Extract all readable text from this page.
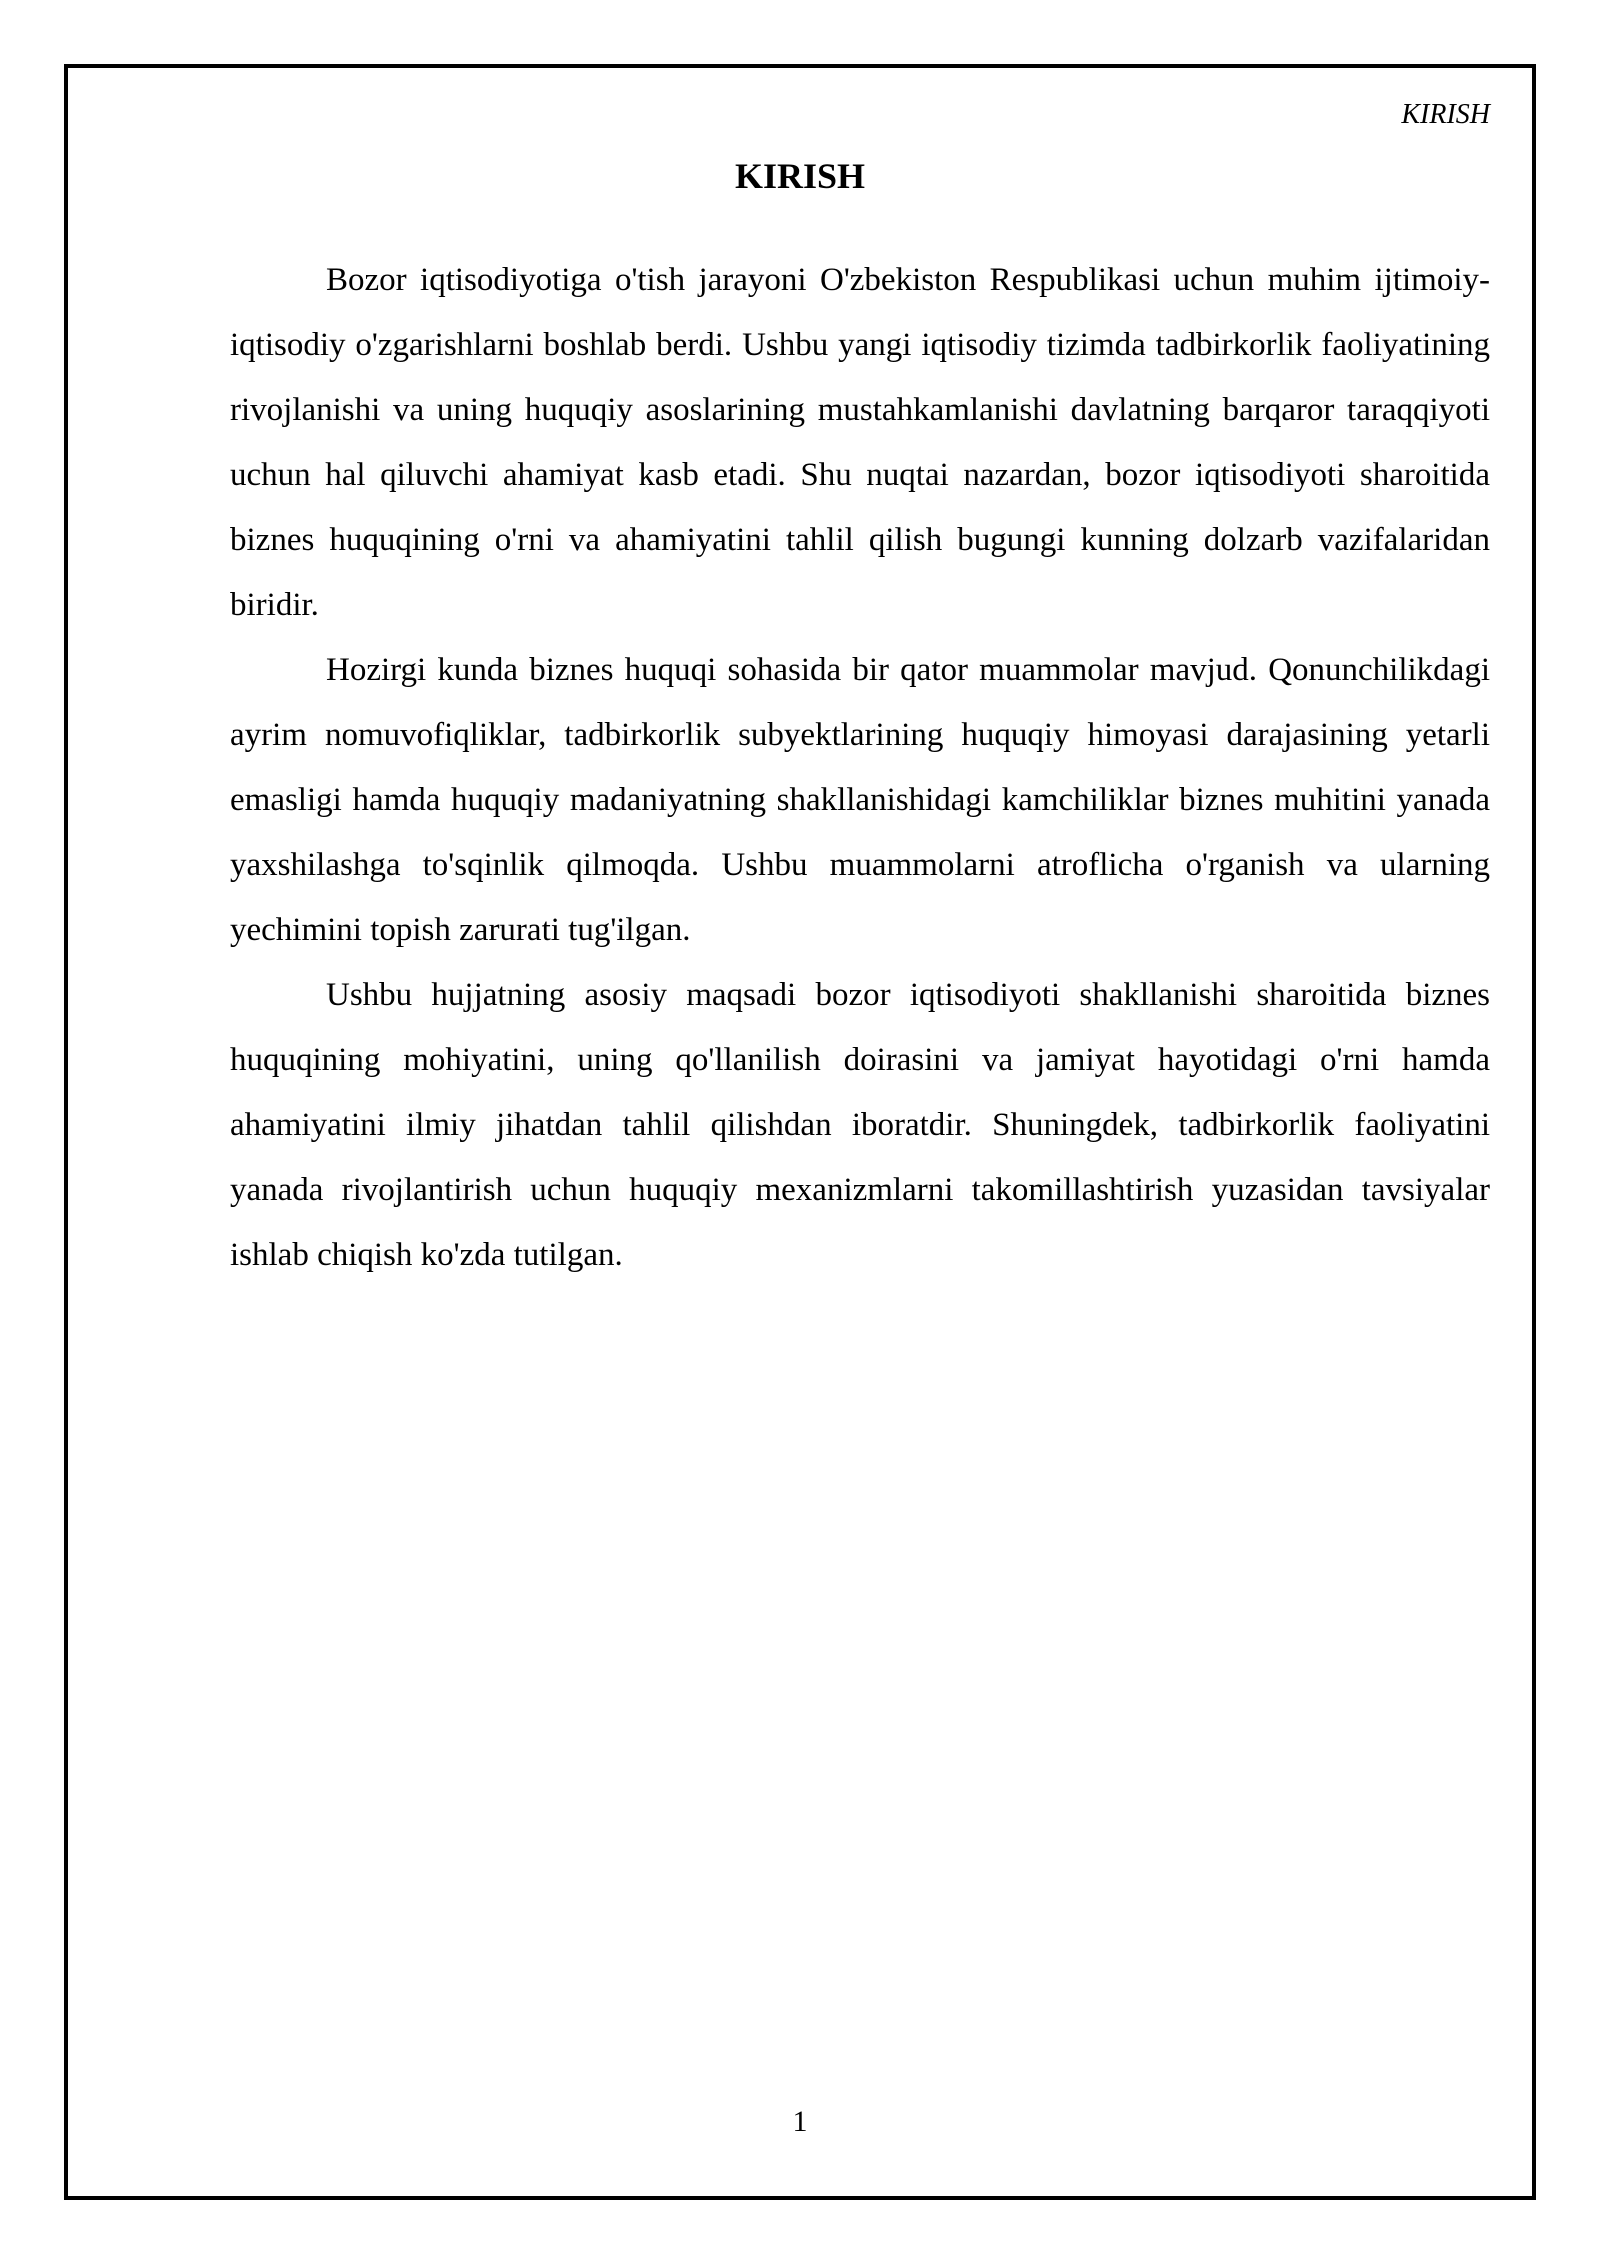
KIRISH

KIRISH

Bozor iqtisodiyotiga o'tish jarayoni O'zbekiston Respublikasi uchun muhim ijtimoiy-iqtisodiy o'zgarishlarni boshlab berdi. Ushbu yangi iqtisodiy tizimda tadbirkorlik faoliyatining rivojlanishi va uning huquqiy asoslarining mustahkamlanishi davlatning barqaror taraqqiyoti uchun hal qiluvchi ahamiyat kasb etadi. Shu nuqtai nazardan, bozor iqtisodiyoti sharoitida biznes huquqining o'rni va ahamiyatini tahlil qilish bugungi kunning dolzarb vazifalaridan biridir.

Hozirgi kunda biznes huquqi sohasida bir qator muammolar mavjud. Qonunchilikdagi ayrim nomuvofiqliklar, tadbirkorlik subyektlarining huquqiy himoyasi darajasining yetarli emasligi hamda huquqiy madaniyatning shakllanishidagi kamchiliklar biznes muhitini yanada yaxshilashga to'sqinlik qilmoqda. Ushbu muammolarni atroflicha o'rganish va ularning yechimini topish zarurati tug'ilgan.

Ushbu hujjatning asosiy maqsadi bozor iqtisodiyoti shakllanishi sharoitida biznes huquqining mohiyatini, uning qo'llanilish doirasini va jamiyat hayotidagi o'rni hamda ahamiyatini ilmiy jihatdan tahlil qilishdan iboratdir. Shuningdek, tadbirkorlik faoliyatini yanada rivojlantirish uchun huquqiy mexanizmlarni takomillashtirish yuzasidan tavsiyalar ishlab chiqish ko'zda tutilgan.

1
